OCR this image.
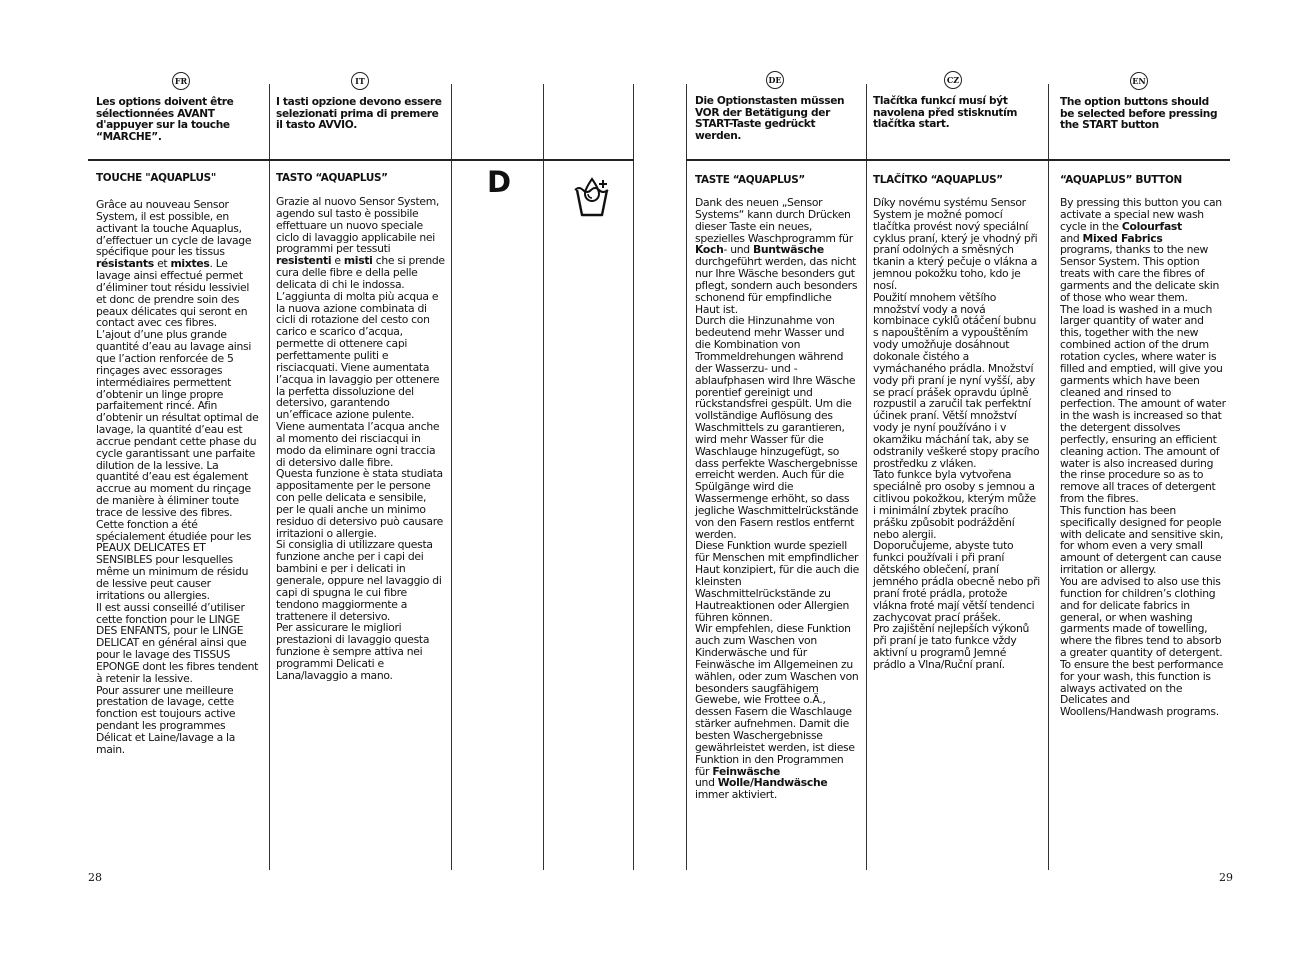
FR	IT
Les options doivent être sélectionnées AVANT d'appuyer sur la touche “MARCHE”.
I tasti opzione devono essere selezionati prima di premere il tasto AVVIO.
TOUCHE "AQUAPLUS"	TASTO “AQUAPLUS”
Grâce au nouveau Sensor System, il est possible, en activant la touche Aquaplus, d’effectuer un cycle de lavage spécifique pour les tissus résistants et mixtes. Le lavage ainsi effectué permet d’éliminer tout résidu lessiviel et donc de prendre soin des peaux délicates qui seront en contact avec ces fibres.
L’ajout d’une plus grande quantité d’eau au lavage ainsi que l’action renforcée de 5 rinçages avec essorages intermédiaires permettent d’obtenir un linge propre parfaitement rincé. Afin d’obtenir un résultat optimal de lavage, la quantité d’eau est accrue pendant cette phase du cycle garantissant une parfaite dilution de la lessive. La quantité d’eau est également accrue au moment du rinçage de manière à éliminer toute trace de lessive des fibres.
Cette fonction a été spécialement étudiée pour les PEAUX DELICATES ET SENSIBLES pour lesquelles même un minimum de résidu de lessive peut causer irritations ou allergies.
Il est aussi conseillé d’utiliser cette fonction pour le LINGE DES ENFANTS, pour le LINGE DELICAT en général ainsi que pour le lavage des TISSUS EPONGE dont les fibres tendent à retenir la lessive.
Pour assurer une meilleure prestation de lavage, cette fonction est toujours active pendant les programmes Délicat et Laine/lavage a la main.
Grazie al nuovo Sensor System, agendo sul tasto è possibile effettuare un nuovo speciale ciclo di lavaggio applicabile nei programmi per tessuti resistenti e misti che si prende cura delle fibre e della pelle delicata di chi le indossa.
L’aggiunta di molta più acqua e la nuova azione combinata di cicli di rotazione del cesto con carico e scarico d’acqua, permette di ottenere capi perfettamente puliti e risciacquati. Viene aumentata l’acqua in lavaggio per ottenere la perfetta dissoluzione del detersivo, garantendo un’efficace azione pulente. Viene aumentata l’acqua anche al momento dei risciacqui in modo da eliminare ogni traccia di detersivo dalle fibre.
Questa funzione è stata studiata appositamente per le persone con pelle delicata e sensibile, per le quali anche un minimo residuo di detersivo può causare irritazioni o allergie.
Si consiglia di utilizzare questa funzione anche per i capi dei bambini e per i delicati in generale, oppure nel lavaggio di capi di spugna le cui fibre tendono maggiormente a trattenere il detersivo.
Per assicurare le migliori prestazioni di lavaggio questa funzione è sempre attiva nei programmi Delicati e Lana/lavaggio a mano.
D
28
DE	CZ	EN
Die Optionstasten müssen VOR der Betätigung der START-Taste gedrückt werden.
Tlačítka funkcí musí být navolena před stisknutím tlačítka start.
The option buttons should be selected before pressing the START button
TASTE “AQUAPLUS”	TLAČÍTKO “AQUAPLUS”	“AQUAPLUS” BUTTON
Dank des neuen „Sensor Systems“ kann durch Drücken dieser Taste ein neues, spezielles Waschprogramm für Koch- und Buntwäsche durchgeführt werden, das nicht nur Ihre Wäsche besonders gut pflegt, sondern auch besonders schonend für empfindliche Haut ist.
Durch die Hinzunahme von bedeutend mehr Wasser und die Kombination von Trommeldrehungen während der Wasserzu- und -ablaufphasen wird Ihre Wäsche porentief gereinigt und rückstandsfrei gespült. Um die vollständige Auflösung des Waschmittels zu garantieren, wird mehr Wasser für die Waschlauge hinzugefügt, so dass perfekte Waschergebnisse erreicht werden. Auch für die Spülgänge wird die Wassermenge erhöht, so dass jegliche Waschmittelrückstände von den Fasern restlos entfernt werden.
Diese Funktion wurde speziell für Menschen mit empfindlicher Haut konzipiert, für die auch die kleinsten Waschmittelrückstände zu Hautreaktionen oder Allergien führen können.
Wir empfehlen, diese Funktion auch zum Waschen von Kinderwäsche und für Feinwäsche im Allgemeinen zu wählen, oder zum Waschen von besonders saugfähigem Gewebe, wie Frottee o.Ä., dessen Fasern die Waschlauge stärker aufnehmen. Damit die besten Waschergebnisse gewährleistet werden, ist diese Funktion in den Programmen für Feinwäsche
und Wolle/Handwäsche
immer aktiviert.
Díky novému systému Sensor System je možné pomocí tlačítka provést nový speciální cyklus praní, který je vhodný při praní odolných a směsných tkanin a který pečuje o vlákna a jemnou pokožku toho, kdo je nosí.
Použití mnohem většího množství vody a nová kombinace cyklů otáčení bubnu s napouštěním a vypouštěním vody umožňuje dosáhnout dokonale čistého a vymáchaného prádla. Množství vody při praní je nyní vyšší, aby se prací prášek opravdu úplně rozpustil a zaručil tak perfektní účinek praní. Větší množství vody je nyní používáno i v okamžiku máchání tak, aby se odstranily veškeré stopy pracího prostředku z vláken.
Tato funkce byla vytvořena speciálně pro osoby s jemnou a citlivou pokožkou, kterým může i minimální zbytek pracího prášku způsobit podráždění nebo alergii.
Doporučujeme, abyste tuto funkci používali i při praní dětského oblečení, praní jemného prádla obecně nebo při praní froté prádla, protože vlákna froté mají větší tendenci zachycovat prací prášek.
Pro zajištění nejlepších výkonů při praní je tato funkce vždy aktivní u programů Jemné prádlo a Vlna/Ruční praní.
By pressing this button you can activate a special new wash cycle in the Colourfast
and Mixed Fabrics
programs, thanks to the new Sensor System. This option treats with care the fibres of garments and the delicate skin of those who wear them.
The load is washed in a much larger quantity of water and this, together with the new combined action of the drum rotation cycles, where water is filled and emptied, will give you garments which have been cleaned and rinsed to perfection. The amount of water in the wash is increased so that the detergent dissolves perfectly, ensuring an efficient cleaning action. The amount of water is also increased during the rinse procedure so as to remove all traces of detergent from the fibres.
This function has been specifically designed for people with delicate and sensitive skin, for whom even a very small amount of detergent can cause irritation or allergy.
You are advised to also use this function for children’s clothing and for delicate fabrics in general, or when washing garments made of towelling, where the fibres tend to absorb a greater quantity of detergent.
To ensure the best performance for your wash, this function is always activated on the Delicates and Woollens/Handwash programs.
29
